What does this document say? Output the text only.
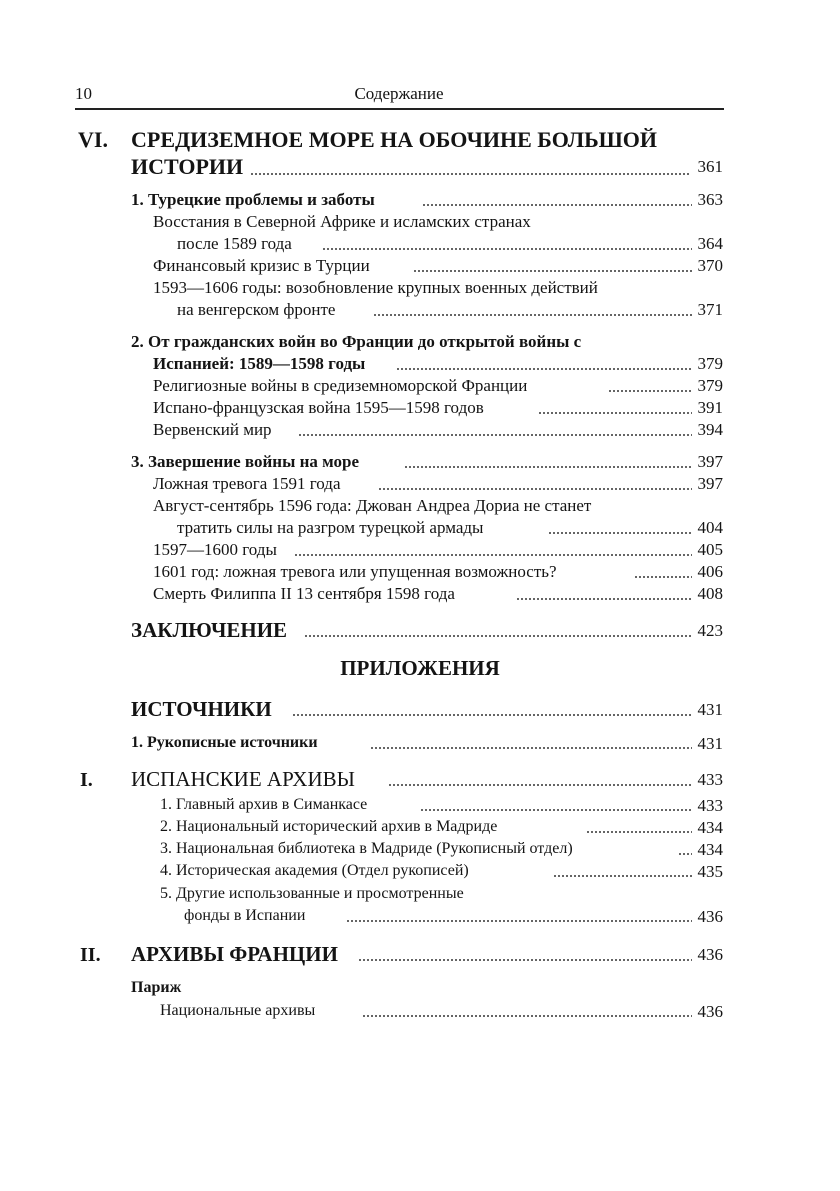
10	Содержание
VI. СРЕДИЗЕМНОЕ МОРЕ НА ОБОЧИНЕ БОЛЬШОЙ
ИСТОРИИ	361
1. Турецкие проблемы и заботы	363
Восстания в Северной Африке и исламских странах
после 1589 года	364
Финансовый кризис в Турции	370
1593—1606 годы: возобновление крупных военных действий
на венгерском фронте	371
2. От гражданских войн во Франции до открытой войны с
Испанией: 1589—1598 годы	379
Религиозные войны в средиземноморской Франции	379
Испано-французская война 1595—1598 годов	391
Вервенский мир	394
3. Завершение войны на море	397
Ложная тревога 1591 года	397
Август-сентябрь 1596 года: Джован Андреа Дориа не станет
тратить силы на разгром турецкой армады	404
1597—1600 годы	405
1601 год: ложная тревога или упущенная возможность?	406
Смерть Филиппа II 13 сентября 1598 года	408
ЗАКЛЮЧЕНИЕ	423
ПРИЛОЖЕНИЯ
ИСТОЧНИКИ	431
1. Рукописные источники	431
I. ИСПАНСКИЕ АРХИВЫ	433
1. Главный архив в Симанкасе	433
2. Национальный исторический архив в Мадриде	434
3. Национальная библиотека в Мадриде (Рукописный отдел)	434
4. Историческая академия (Отдел рукописей)	435
5. Другие использованные и просмотренные
фонды в Испании	436
II. АРХИВЫ ФРАНЦИИ	436
Париж
Национальные архивы	436
